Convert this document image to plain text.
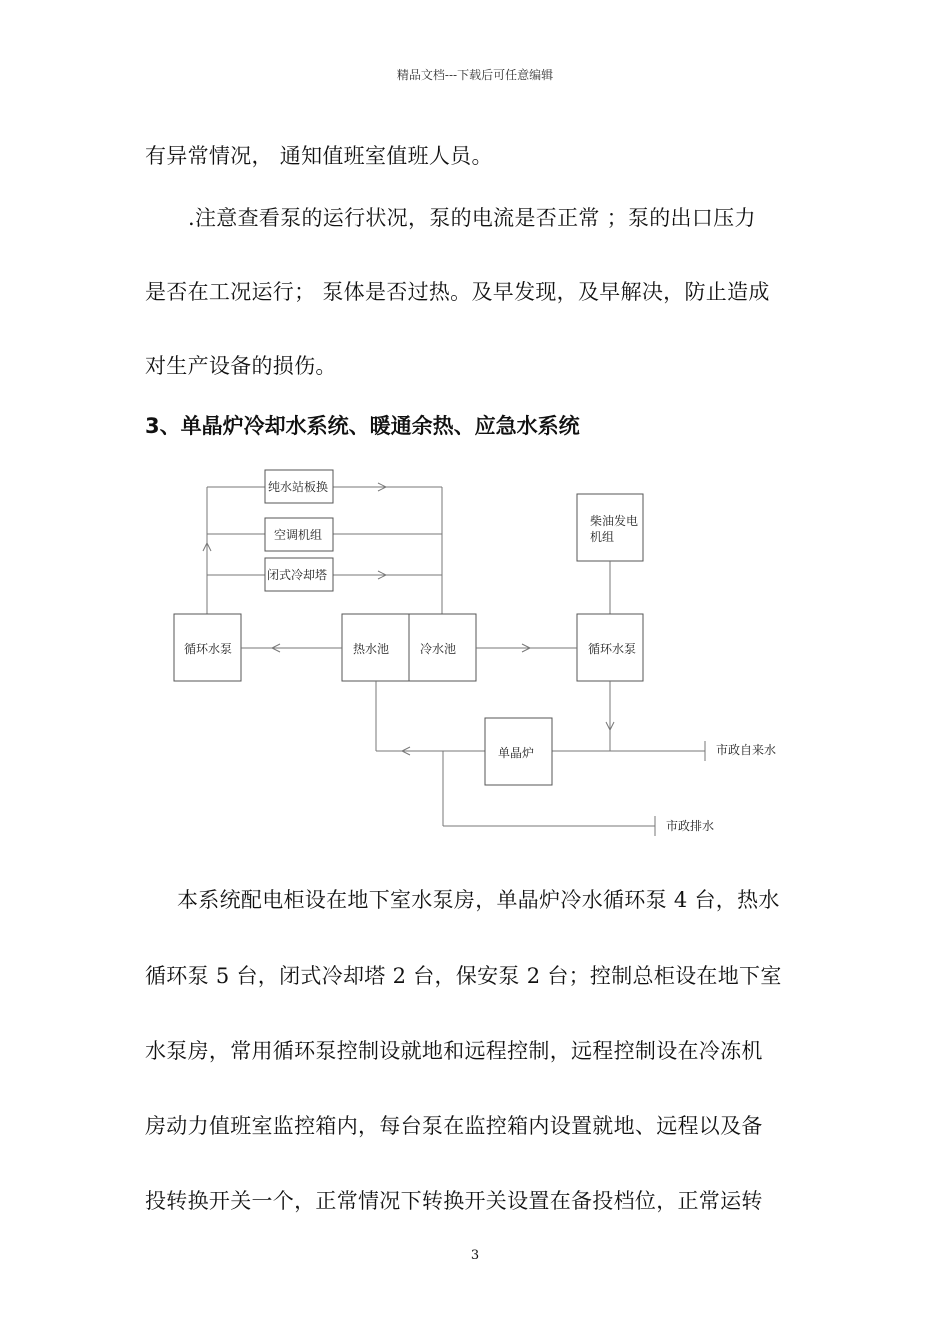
精品文档---下载后可任意编辑
有异常情况， 通知值班室值班人员。
.注意查看泵的运行状况，泵的电流是否正常 ；泵的出口压力
是否在工况运行； 泵体是否过热。及早发现，及早解决，防止造成
对生产设备的损伤。
3、单晶炉冷却水系统、暖通余热、应急水系统
纯水站板换
空调机组
闭式冷却塔
柴油发电
机组
循环水泵	热水池	冷水池	循环水泵
单晶炉	市政自来水
市政排水
本系统配电柜设在地下室水泵房，单晶炉冷水循环泵 4 台，热水
循环泵 5 台，闭式冷却塔 2 台，保安泵 2 台；控制总柜设在地下室
水泵房，常用循环泵控制设就地和远程控制，远程控制设在冷冻机
房动力值班室监控箱内，每台泵在监控箱内设置就地、远程以及备
投转换开关一个，正常情况下转换开关设置在备投档位，正常运转
3
